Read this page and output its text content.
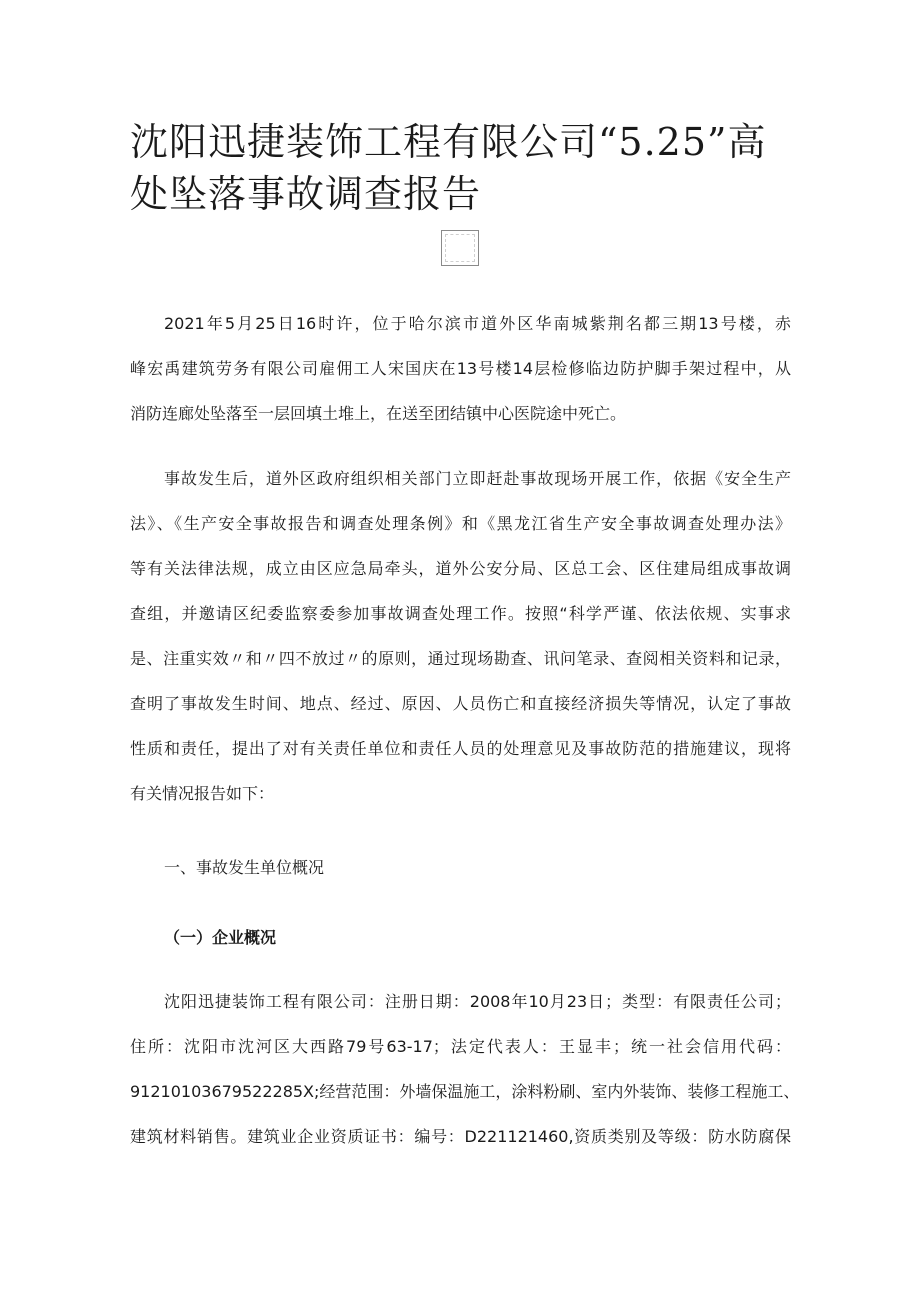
沈阳迅捷装饰工程有限公司“5.25”高
处坠落事故调查报告
2021年5月25日16时许，位于哈尔滨市道外区华南城紫荆名都三期13号楼，赤
峰宏禹建筑劳务有限公司雇佣工人宋国庆在13号楼14层检修临边防护脚手架过程中，从
消防连廊处坠落至一层回填土堆上，在送至团结镇中心医院途中死亡。
事故发生后，道外区政府组织相关部门立即赶赴事故现场开展工作，依据《安全生产
法》、《生产安全事故报告和调查处理条例》和《黑龙江省生产安全事故调查处理办法》
等有关法律法规，成立由区应急局牵头，道外公安分局、区总工会、区住建局组成事故调
查组，并邀请区纪委监察委参加事故调查处理工作。按照“科学严谨、依法依规、实事求
是、注重实效〃和〃四不放过〃的原则，通过现场勘查、讯问笔录、查阅相关资料和记录，
查明了事故发生时间、地点、经过、原因、人员伤亡和直接经济损失等情况，认定了事故
性质和责任，提出了对有关责任单位和责任人员的处理意见及事故防范的措施建议，现将
有关情况报告如下：
一、事故发生单位概况
（一）企业概况
沈阳迅捷装饰工程有限公司：注册日期：2008年10月23日；类型：有限责任公司；
住所：沈阳市沈河区大西路79号63-17；法定代表人：王显丰；统一社会信用代码：
91210103679522285X;经营范围：外墙保温施工，涂料粉刷、室内外装饰、装修工程施工、
建筑材料销售。建筑业企业资质证书：编号：D221121460,资质类别及等级：防水防腐保
